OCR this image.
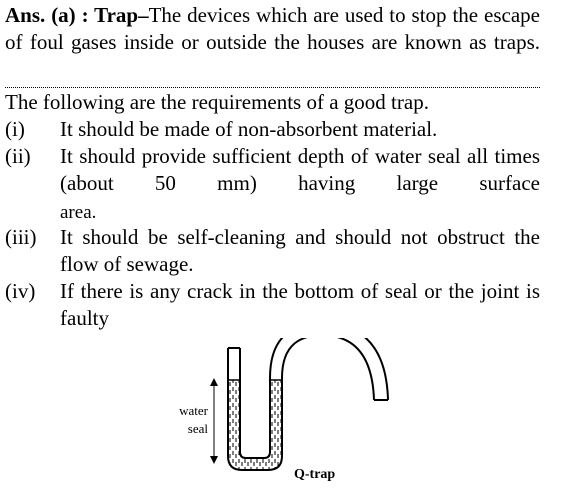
Ans. (a) : Trap–The devices which are used to stop the escape of foul gases inside or outside the houses are known as traps.
The following are the requirements of a good trap.
(i) It should be made of non-absorbent material.
(ii) It should provide sufficient depth of water seal all times (about 50 mm) having large surface
area.
(iii) It should be self-cleaning and should not obstruct the flow of sewage.
(iv) If there is any crack in the bottom of seal or the joint is faulty
water
seal
Q-trap
